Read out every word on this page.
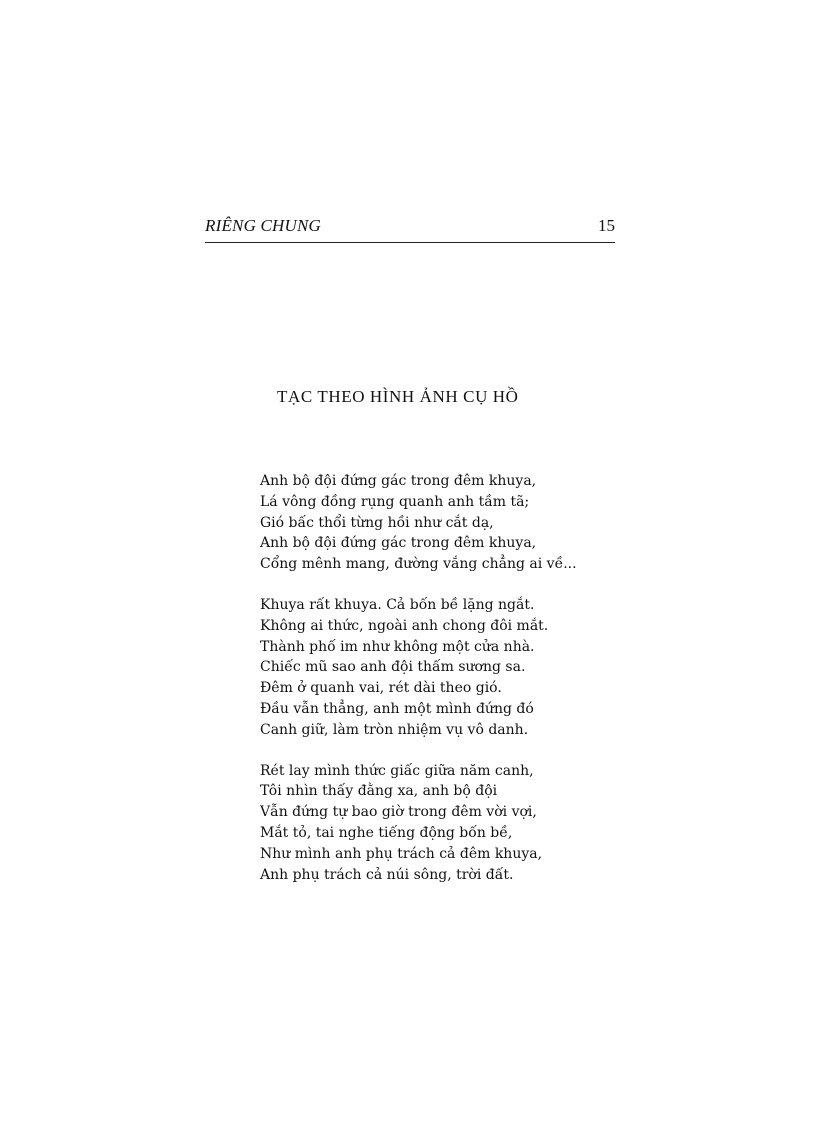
RIÊNG CHUNG	15
TẠC THEO HÌNH ẢNH CỤ HỒ
Anh bộ đội đứng gác trong đêm khuya,
Lá vông đồng rụng quanh anh tầm tã;
Gió bấc thổi từng hồi như cắt dạ,
Anh bộ đội đứng gác trong đêm khuya,
Cổng mênh mang, đường vắng chẳng ai về...
Khuya rất khuya. Cả bốn bề lặng ngắt.
Không ai thức, ngoài anh chong đôi mắt.
Thành phố im như không một cửa nhà.
Chiếc mũ sao anh đội thấm sương sa.
Đêm ở quanh vai, rét dài theo gió.
Đầu vẫn thẳng, anh một mình đứng đó
Canh giữ, làm tròn nhiệm vụ vô danh.
Rét lay mình thức giấc giữa năm canh,
Tôi nhìn thấy đằng xa, anh bộ đội
Vẫn đứng tự bao giờ trong đêm vời vợi,
Mắt tỏ, tai nghe tiếng động bốn bề,
Như mình anh phụ trách cả đêm khuya,
Anh phụ trách cả núi sông, trời đất.
